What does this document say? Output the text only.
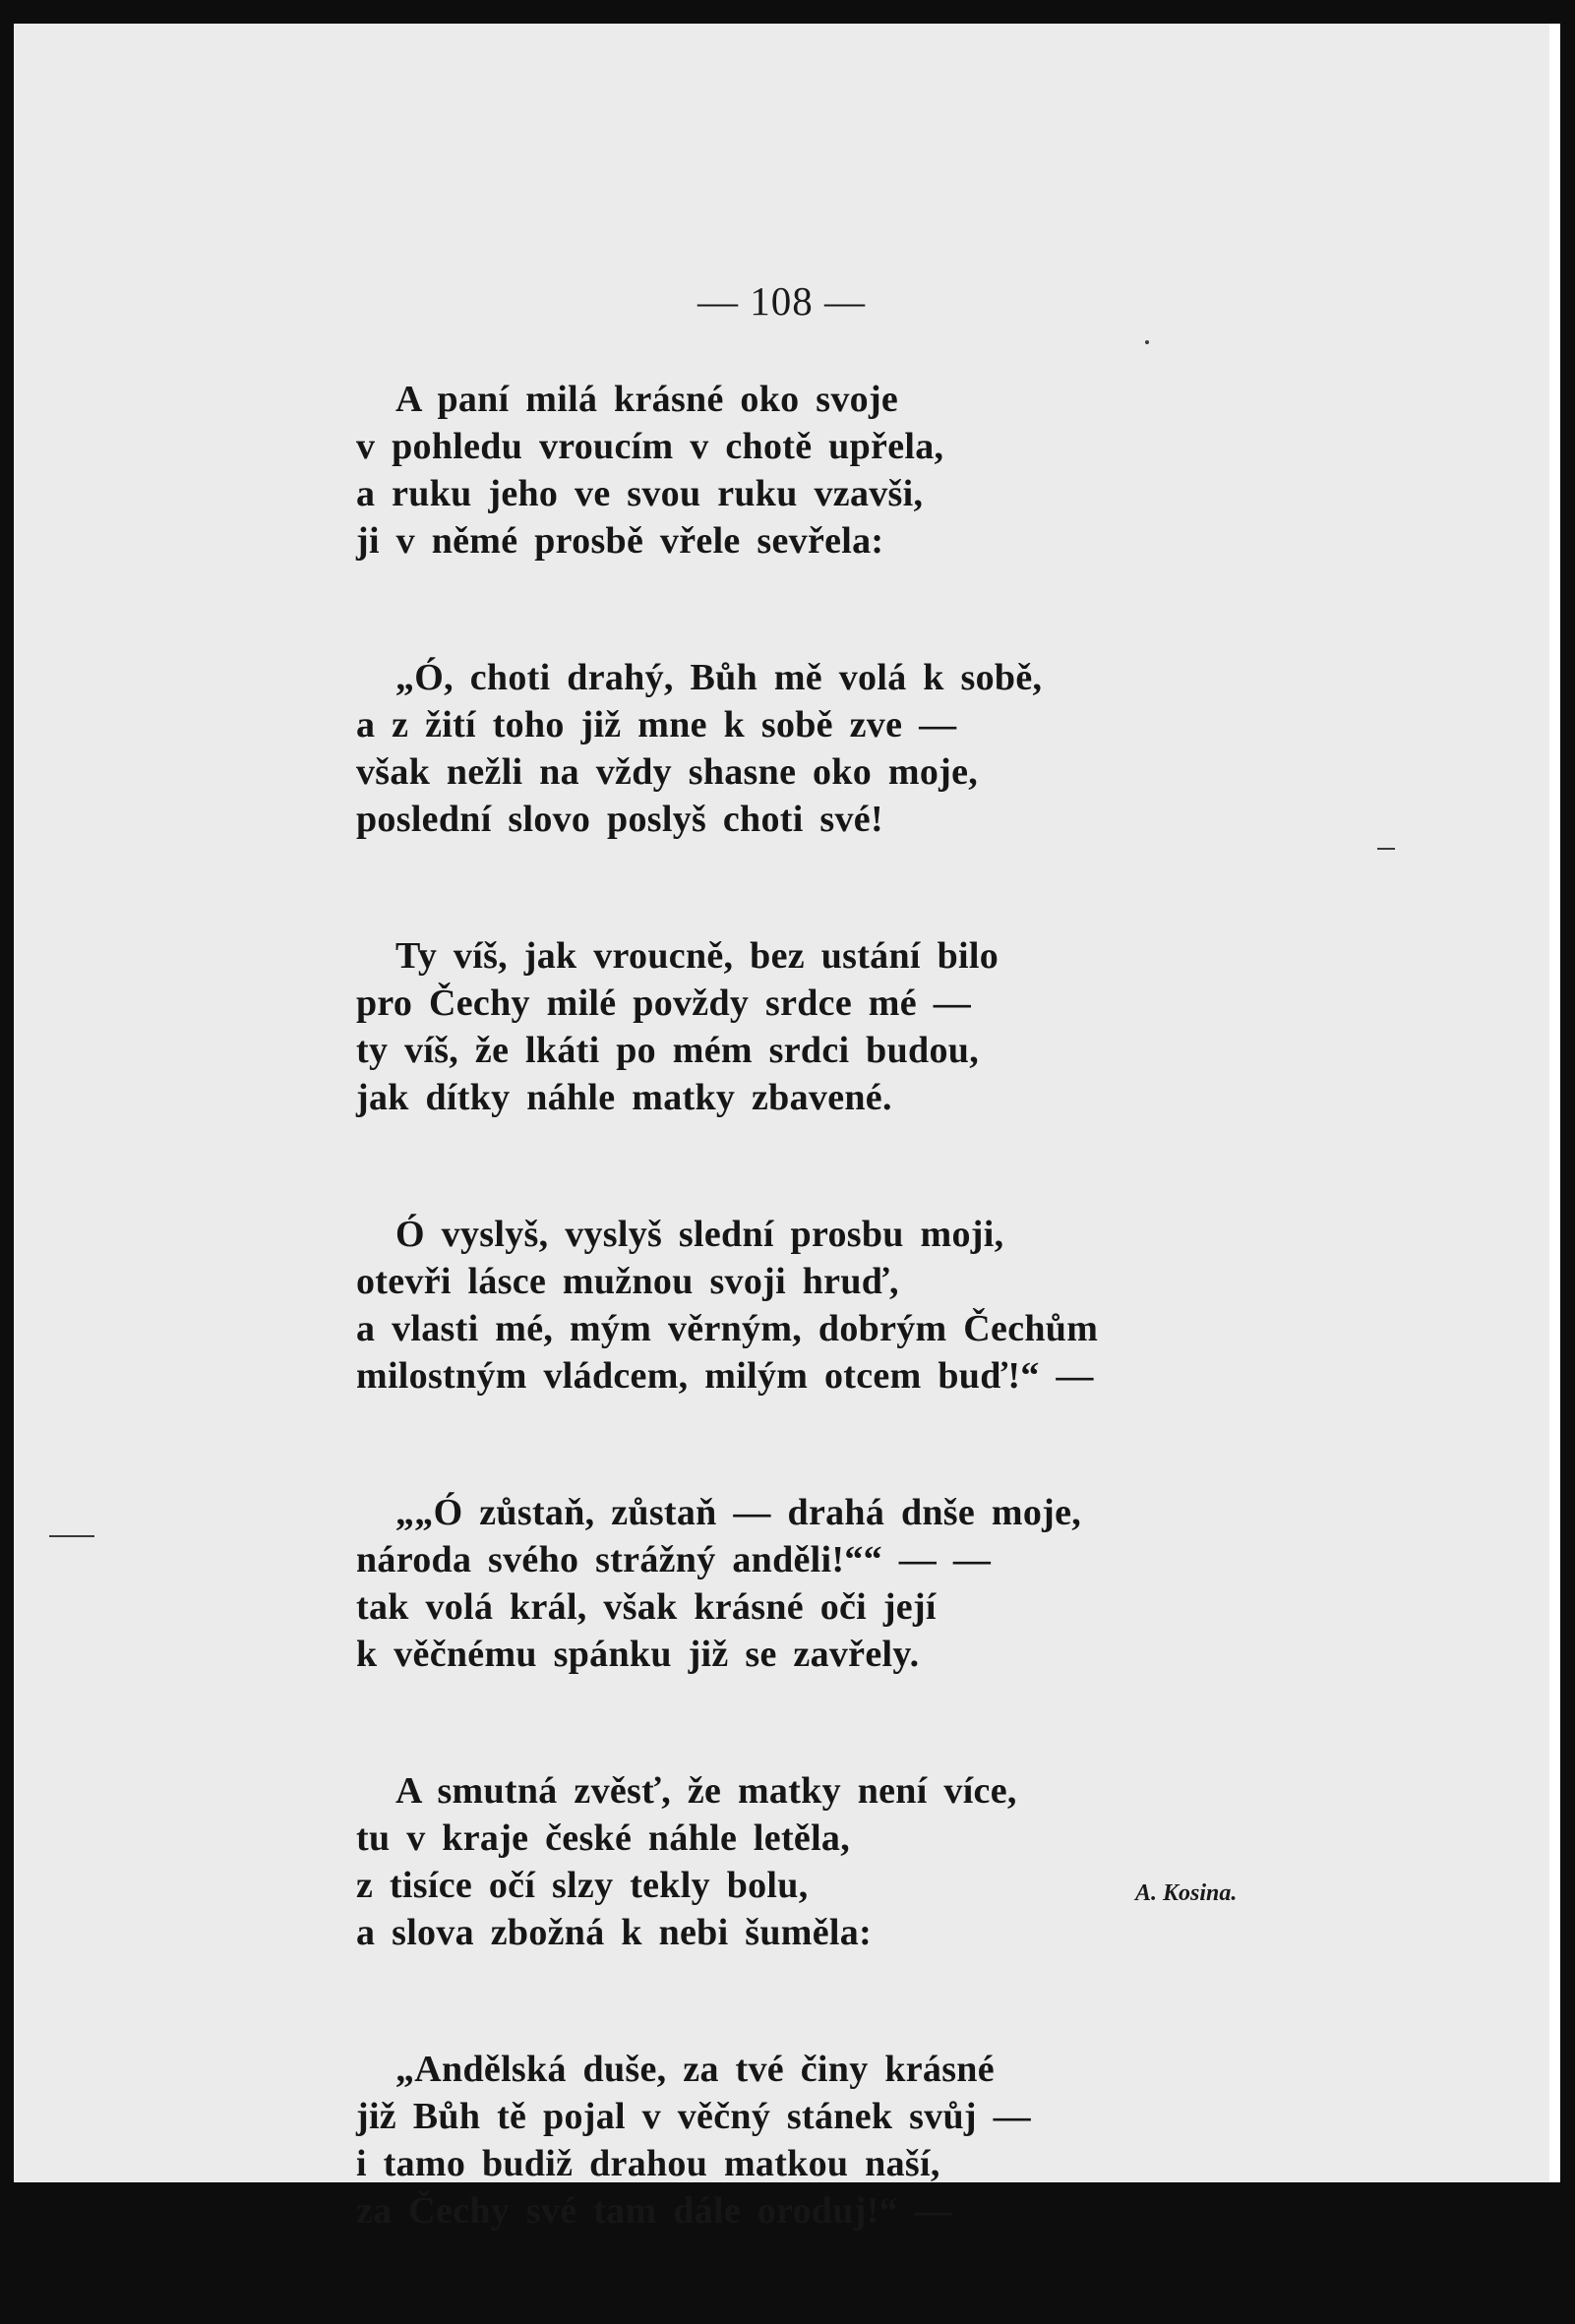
— 108 —
A paní milá krásné oko svoje
v pohledu vroucím v chotě upřela,
a ruku jeho ve svou ruku vzavši,
ji v němé prosbě vřele sevřela:
„Ó, choti drahý, Bůh mě volá k sobě,
a z žití toho již mne k sobě zve —
však nežli na vždy shasne oko moje,
poslední slovo poslyš choti své!
Ty víš, jak vroucně, bez ustání bilo
pro Čechy milé povždy srdce mé —
ty víš, že lkáti po mém srdci budou,
jak dítky náhle matky zbavené.
Ó vyslyš, vyslyš slední prosbu moji,
otevři lásce mužnou svoji hruď,
a vlasti mé, mým věrným, dobrým Čechům
milostným vládcem, milým otcem buď!“ —
„„Ó zůstaň, zůstaň — drahá dnše moje,
národa svého strážný anděli!““ — —
tak volá král, však krásné oči její
k věčnému spánku již se zavřely.
A smutná zvěsť, že matky není více,
tu v kraje české náhle letěla,
z tisíce očí slzy tekly bolu,
a slova zbožná k nebi šuměla:
„Andělská duše, za tvé činy krásné
již Bůh tě pojal v věčný stánek svůj —
i tamo budiž drahou matkou naší,
za Čechy své tam dále oroduj!“ —
A. Kosina.
